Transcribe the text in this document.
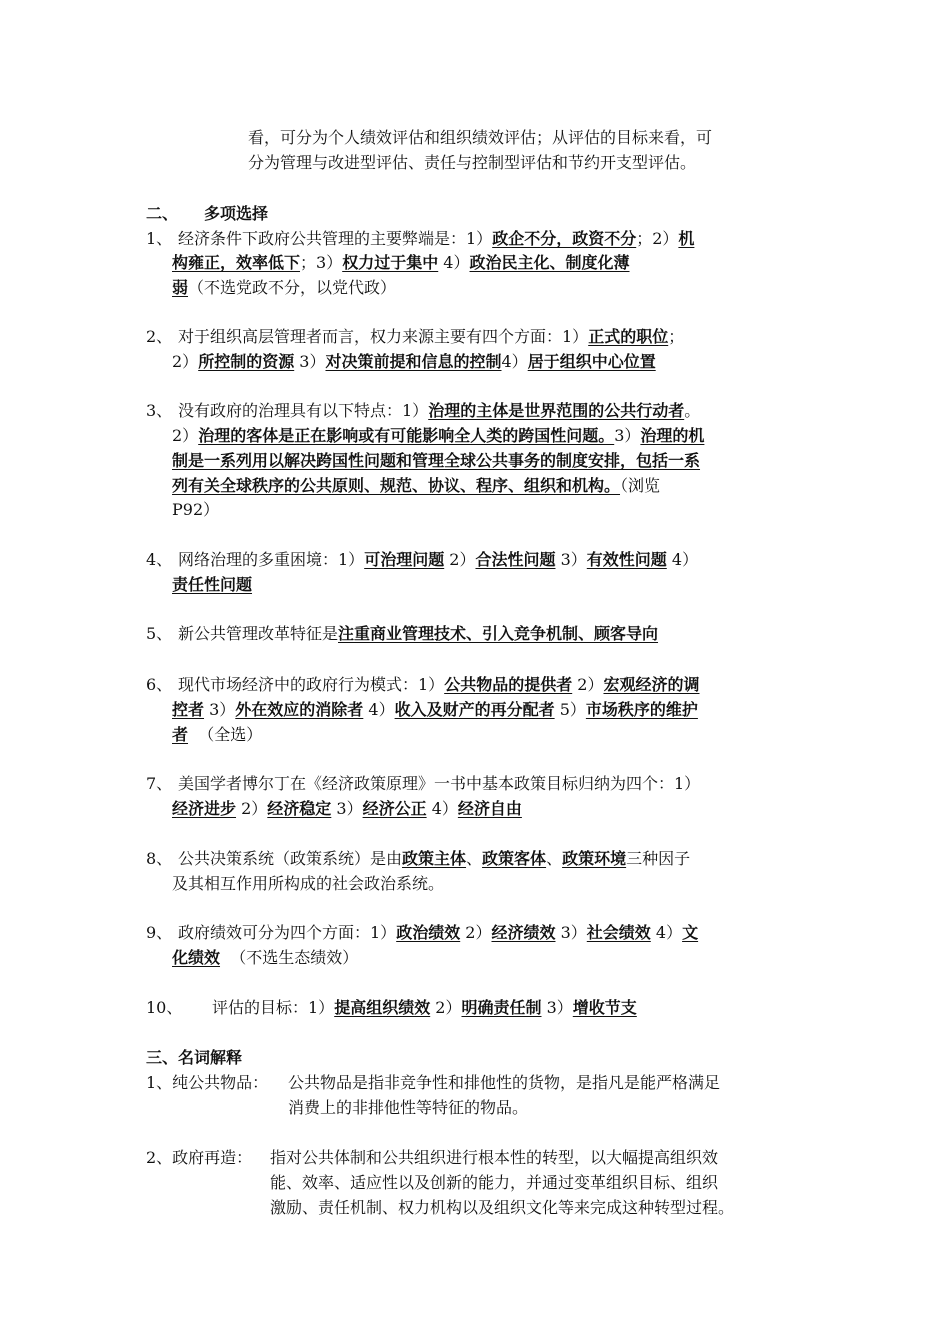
看，可分为个人绩效评估和组织绩效评估；从评估的目标来看，可
分为管理与改进型评估、责任与控制型评估和节约开支型评估。
二、 多项选择
1、 经济条件下政府公共管理的主要弊端是：1）政企不分，政资不分；2）机
构雍正，效率低下；3）权力过于集中 4）政治民主化、制度化薄
弱（不选党政不分，以党代政）
2、 对于组织高层管理者而言，权力来源主要有四个方面：1）正式的职位；
2）所控制的资源 3）对决策前提和信息的控制4）居于组织中心位置
3、 没有政府的治理具有以下特点：1）治理的主体是世界范围的公共行动者。
2）治理的客体是正在影响或有可能影响全人类的跨国性问题。3）治理的机
制是一系列用以解决跨国性问题和管理全球公共事务的制度安排，包括一系
列有关全球秩序的公共原则、规范、协议、程序、组织和机构。（浏览
P92）
4、 网络治理的多重困境：1）可治理问题 2）合法性问题 3）有效性问题 4）
责任性问题
5、 新公共管理改革特征是注重商业管理技术、引入竞争机制、顾客导向
6、 现代市场经济中的政府行为模式：1）公共物品的提供者 2）宏观经济的调
控者 3）外在效应的消除者 4）收入及财产的再分配者 5）市场秩序的维护
者  （全选）
7、 美国学者博尔丁在《经济政策原理》一书中基本政策目标归纳为四个：1）
经济进步 2）经济稳定 3）经济公正 4）经济自由
8、 公共决策系统（政策系统）是由政策主体、政策客体、政策环境三种因子
及其相互作用所构成的社会政治系统。
9、 政府绩效可分为四个方面：1）政治绩效 2）经济绩效 3）社会绩效 4）文
化绩效  （不选生态绩效）
10、 评估的目标：1）提高组织绩效 2）明确责任制 3）增收节支
三、名词解释
1、纯公共物品： 公共物品是指非竞争性和排他性的货物，是指凡是能严格满足
消费上的非排他性等特征的物品。
2、政府再造： 指对公共体制和公共组织进行根本性的转型，以大幅提高组织效
能、效率、适应性以及创新的能力，并通过变革组织目标、组织
激励、责任机制、权力机构以及组织文化等来完成这种转型过程。
